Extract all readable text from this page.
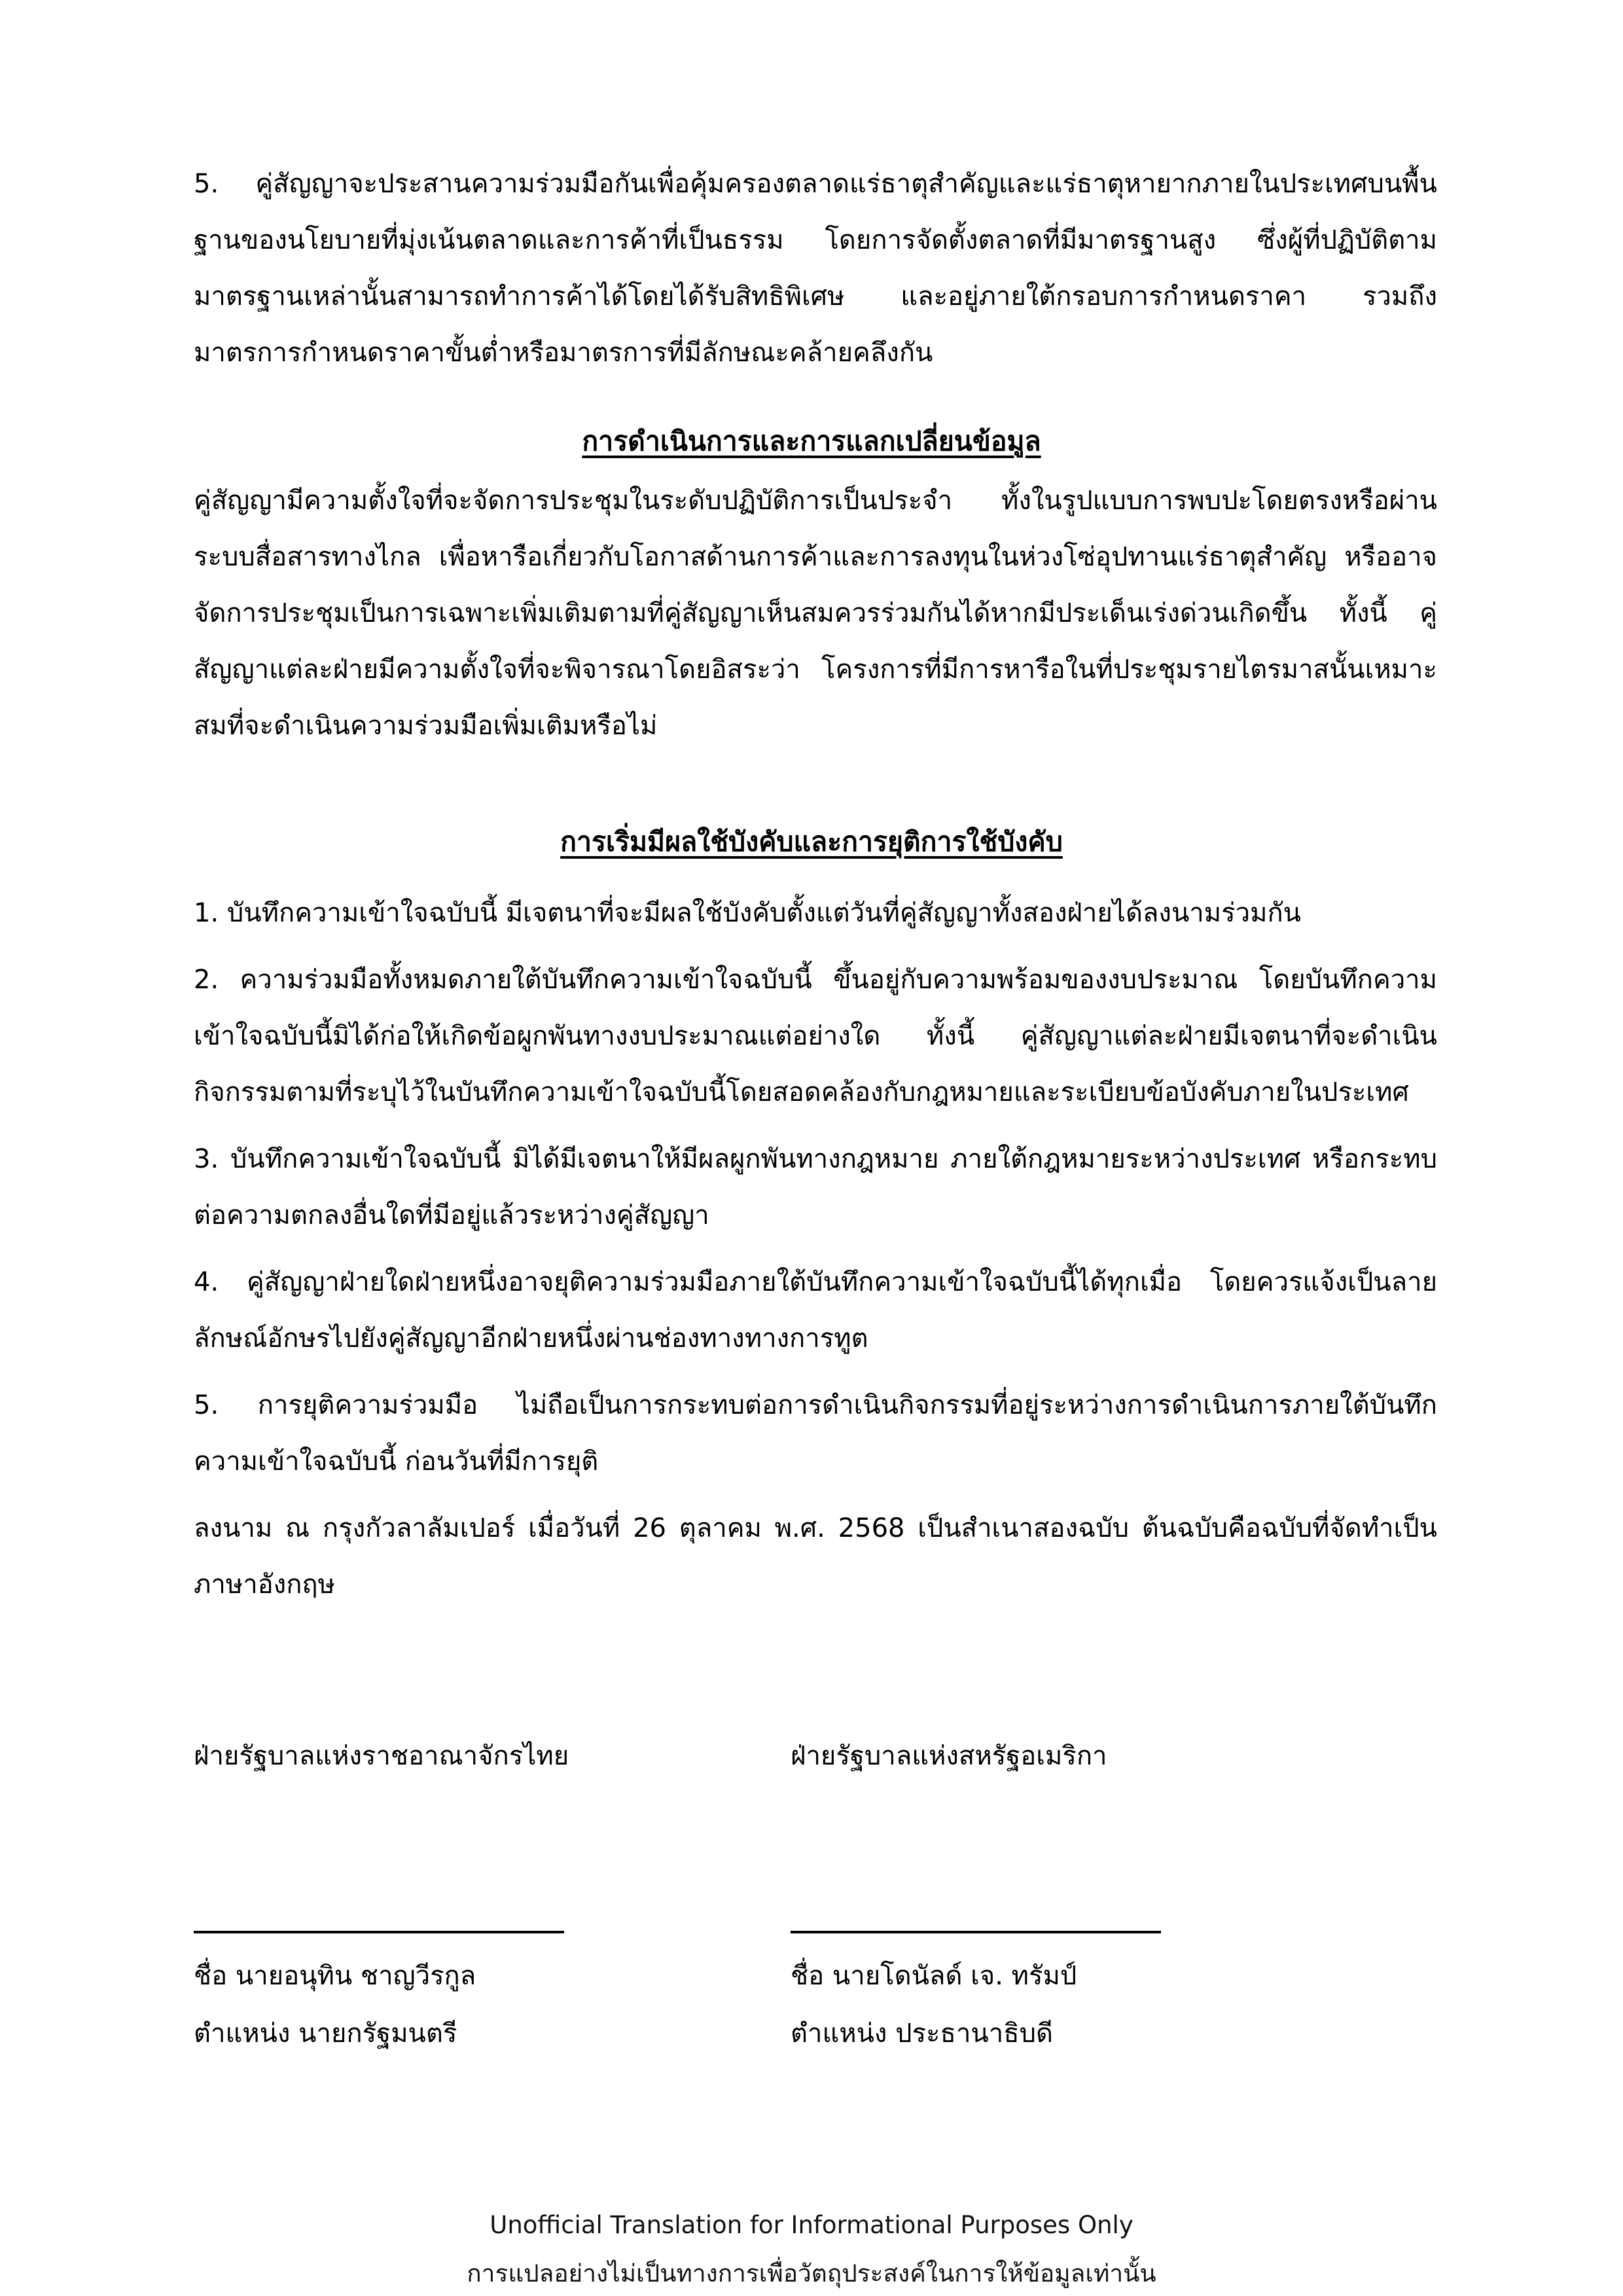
5. คู่สัญญาจะประสานความร่วมมือกันเพื่อคุ้มครองตลาดแร่ธาตุสำคัญและแร่ธาตุหายากภายในประเทศบนพื้นฐานของนโยบายที่มุ่งเน้นตลาดและการค้าที่เป็นธรรม โดยการจัดตั้งตลาดที่มีมาตรฐานสูง ซึ่งผู้ที่ปฏิบัติตามมาตรฐานเหล่านั้นสามารถทำการค้าได้โดยได้รับสิทธิพิเศษ และอยู่ภายใต้กรอบการกำหนดราคา รวมถึงมาตรการกำหนดราคาขั้นต่ำหรือมาตรการที่มีลักษณะคล้ายคลึงกัน

การดำเนินการและการแลกเปลี่ยนข้อมูล

คู่สัญญามีความตั้งใจที่จะจัดการประชุมในระดับปฏิบัติการเป็นประจำ ทั้งในรูปแบบการพบปะโดยตรงหรือผ่านระบบสื่อสารทางไกล เพื่อหารือเกี่ยวกับโอกาสด้านการค้าและการลงทุนในห่วงโซ่อุปทานแร่ธาตุสำคัญ หรืออาจจัดการประชุมเป็นการเฉพาะเพิ่มเติมตามที่คู่สัญญาเห็นสมควรร่วมกันได้หากมีประเด็นเร่งด่วนเกิดขึ้น ทั้งนี้ คู่สัญญาแต่ละฝ่ายมีความตั้งใจที่จะพิจารณาโดยอิสระว่า โครงการที่มีการหารือในที่ประชุมรายไตรมาสนั้นเหมาะสมที่จะดำเนินความร่วมมือเพิ่มเติมหรือไม่

การเริ่มมีผลใช้บังคับและการยุติการใช้บังคับ

1. บันทึกความเข้าใจฉบับนี้ มีเจตนาที่จะมีผลใช้บังคับตั้งแต่วันที่คู่สัญญาทั้งสองฝ่ายได้ลงนามร่วมกัน

2. ความร่วมมือทั้งหมดภายใต้บันทึกความเข้าใจฉบับนี้ ขึ้นอยู่กับความพร้อมของงบประมาณ โดยบันทึกความเข้าใจฉบับนี้มิได้ก่อให้เกิดข้อผูกพันทางงบประมาณแต่อย่างใด ทั้งนี้ คู่สัญญาแต่ละฝ่ายมีเจตนาที่จะดำเนินกิจกรรมตามที่ระบุไว้ในบันทึกความเข้าใจฉบับนี้โดยสอดคล้องกับกฎหมายและระเบียบข้อบังคับภายในประเทศ

3. บันทึกความเข้าใจฉบับนี้ มิได้มีเจตนาให้มีผลผูกพันทางกฎหมาย ภายใต้กฎหมายระหว่างประเทศ หรือกระทบต่อความตกลงอื่นใดที่มีอยู่แล้วระหว่างคู่สัญญา

4. คู่สัญญาฝ่ายใดฝ่ายหนึ่งอาจยุติความร่วมมือภายใต้บันทึกความเข้าใจฉบับนี้ได้ทุกเมื่อ โดยควรแจ้งเป็นลายลักษณ์อักษรไปยังคู่สัญญาอีกฝ่ายหนึ่งผ่านช่องทางทางการทูต

5. การยุติความร่วมมือ ไม่ถือเป็นการกระทบต่อการดำเนินกิจกรรมที่อยู่ระหว่างการดำเนินการภายใต้บันทึกความเข้าใจฉบับนี้ ก่อนวันที่มีการยุติ

ลงนาม ณ กรุงกัวลาลัมเปอร์ เมื่อวันที่ 26 ตุลาคม พ.ศ. 2568 เป็นสำเนาสองฉบับ ต้นฉบับคือฉบับที่จัดทำเป็นภาษาอังกฤษ

ฝ่ายรัฐบาลแห่งราชอาณาจักรไทย
ชื่อ นายอนุทิน ชาญวีรกูล
ตำแหน่ง นายกรัฐมนตรี
ฝ่ายรัฐบาลแห่งสหรัฐอเมริกา
ชื่อ นายโดนัลด์ เจ. ทรัมป์
ตำแหน่ง ประธานาธิบดี
Unofficial Translation for Informational Purposes Only
การแปลอย่างไม่เป็นทางการเพื่อวัตถุประสงค์ในการให้ข้อมูลเท่านั้น
